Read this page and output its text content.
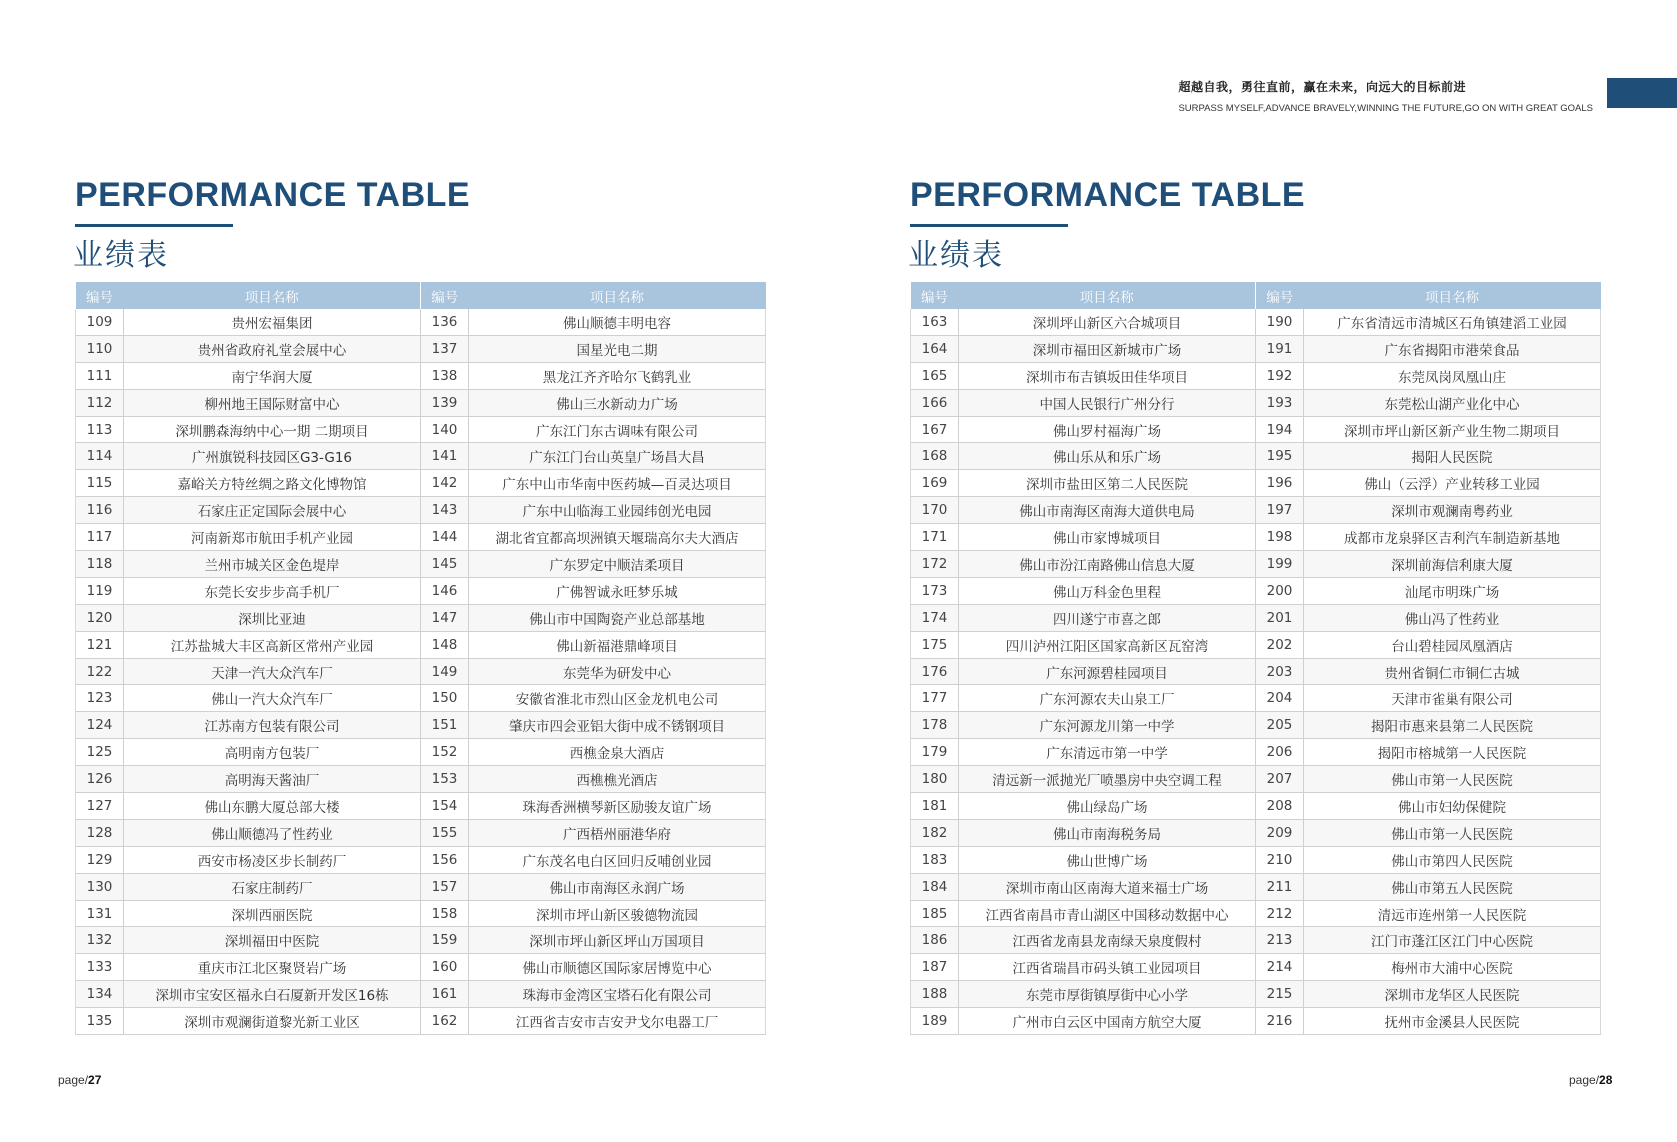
超越自我，勇往直前，赢在未来，向远大的目标前进
SURPASS MYSELF,ADVANCE BRAVELY,WINNING THE FUTURE,GO ON WITH GREAT GOALS
PERFORMANCE TABLE
业绩表
编号	项目名称	编号	项目名称
109	贵州宏福集团	136	佛山顺德丰明电容
110	贵州省政府礼堂会展中心	137	国星光电二期
111	南宁华润大厦	138	黑龙江齐齐哈尔飞鹤乳业
112	柳州地王国际财富中心	139	佛山三水新动力广场
113	深圳鹏森海纳中心一期 二期项目	140	广东江门东古调味有限公司
114	广州旗锐科技园区G3-G16	141	广东江门台山英皇广场昌大昌
115	嘉峪关方特丝绸之路文化博物馆	142	广东中山市华南中医药城—百灵达项目
116	石家庄正定国际会展中心	143	广东中山临海工业园纬创光电园
117	河南新郑市航田手机产业园	144	湖北省宜都高坝洲镇天堰瑞高尔夫大酒店
118	兰州市城关区金色堤岸	145	广东罗定中顺洁柔项目
119	东莞长安步步高手机厂	146	广佛智诚永旺梦乐城
120	深圳比亚迪	147	佛山市中国陶瓷产业总部基地
121	江苏盐城大丰区高新区常州产业园	148	佛山新福港鼎峰项目
122	天津一汽大众汽车厂	149	东莞华为研发中心
123	佛山一汽大众汽车厂	150	安徽省淮北市烈山区金龙机电公司
124	江苏南方包装有限公司	151	肇庆市四会亚铝大街中成不锈钢项目
125	高明南方包装厂	152	西樵金泉大酒店
126	高明海天酱油厂	153	西樵樵光酒店
127	佛山东鹏大厦总部大楼	154	珠海香洲横琴新区励骏友谊广场
128	佛山顺德冯了性药业	155	广西梧州丽港华府
129	西安市杨凌区步长制药厂	156	广东茂名电白区回归反哺创业园
130	石家庄制药厂	157	佛山市南海区永润广场
131	深圳西丽医院	158	深圳市坪山新区骏德物流园
132	深圳福田中医院	159	深圳市坪山新区坪山万国项目
133	重庆市江北区聚贤岩广场	160	佛山市顺德区国际家居博览中心
134	深圳市宝安区福永白石厦新开发区16栋	161	珠海市金湾区宝塔石化有限公司
135	深圳市观澜街道黎光新工业区	162	江西省吉安市吉安尹戈尔电器工厂
PERFORMANCE TABLE
业绩表
编号	项目名称	编号	项目名称
163	深圳坪山新区六合城项目	190	广东省清远市清城区石角镇建滔工业园
164	深圳市福田区新城市广场	191	广东省揭阳市港荣食品
165	深圳市布吉镇坂田佳华项目	192	东莞凤岗凤凰山庄
166	中国人民银行广州分行	193	东莞松山湖产业化中心
167	佛山罗村福海广场	194	深圳市坪山新区新产业生物二期项目
168	佛山乐从和乐广场	195	揭阳人民医院
169	深圳市盐田区第二人民医院	196	佛山（云浮）产业转移工业园
170	佛山市南海区南海大道供电局	197	深圳市观澜南粤药业
171	佛山市家博城项目	198	成都市龙泉驿区吉利汽车制造新基地
172	佛山市汾江南路佛山信息大厦	199	深圳前海信利康大厦
173	佛山万科金色里程	200	汕尾市明珠广场
174	四川遂宁市喜之郎	201	佛山冯了性药业
175	四川泸州江阳区国家高新区瓦窑湾	202	台山碧桂园凤凰酒店
176	广东河源碧桂园项目	203	贵州省铜仁市铜仁古城
177	广东河源农夫山泉工厂	204	天津市雀巢有限公司
178	广东河源龙川第一中学	205	揭阳市惠来县第二人民医院
179	广东清远市第一中学	206	揭阳市榕城第一人民医院
180	清远新一派抛光厂喷墨房中央空调工程	207	佛山市第一人民医院
181	佛山绿岛广场	208	佛山市妇幼保健院
182	佛山市南海税务局	209	佛山市第一人民医院
183	佛山世博广场	210	佛山市第四人民医院
184	深圳市南山区南海大道来福士广场	211	佛山市第五人民医院
185	江西省南昌市青山湖区中国移动数据中心	212	清远市连州第一人民医院
186	江西省龙南县龙南绿天泉度假村	213	江门市蓬江区江门中心医院
187	江西省瑞昌市码头镇工业园项目	214	梅州市大浦中心医院
188	东莞市厚街镇厚街中心小学	215	深圳市龙华区人民医院
189	广州市白云区中国南方航空大厦	216	抚州市金溪县人民医院
page/27	page/28
